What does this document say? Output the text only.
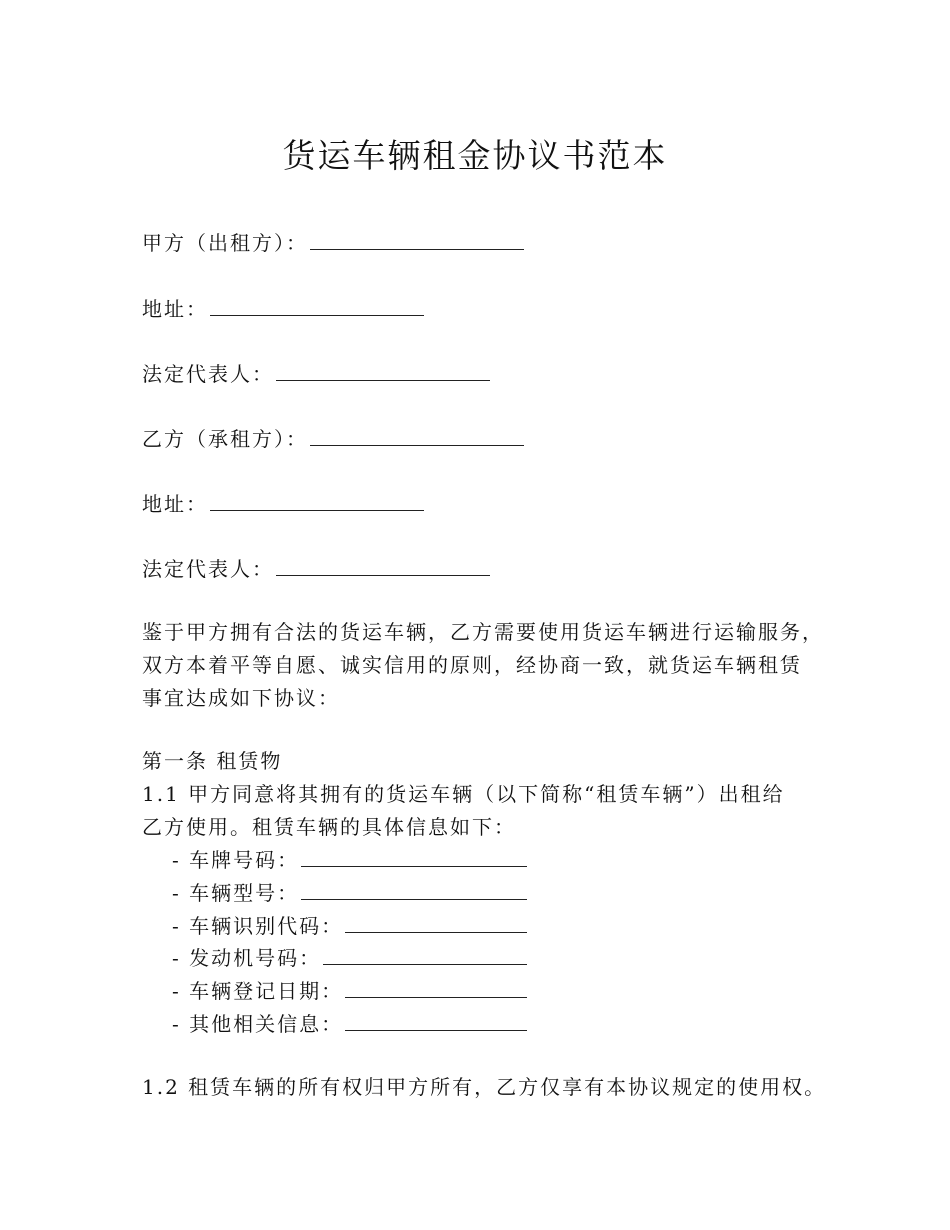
货运车辆租金协议书范本
甲方（出租方）：
地址：
法定代表人：
乙方（承租方）：
地址：
法定代表人：
鉴于甲方拥有合法的货运车辆，乙方需要使用货运车辆进行运输服务，
双方本着平等自愿、诚实信用的原则，经协商一致，就货运车辆租赁
事宜达成如下协议：
第一条 租赁物
1.1 甲方同意将其拥有的货运车辆（以下简称“租赁车辆”）出租给
乙方使用。租赁车辆的具体信息如下：
- 车牌号码：
- 车辆型号：
- 车辆识别代码：
- 发动机号码：
- 车辆登记日期：
- 其他相关信息：
1.2 租赁车辆的所有权归甲方所有，乙方仅享有本协议规定的使用权。
